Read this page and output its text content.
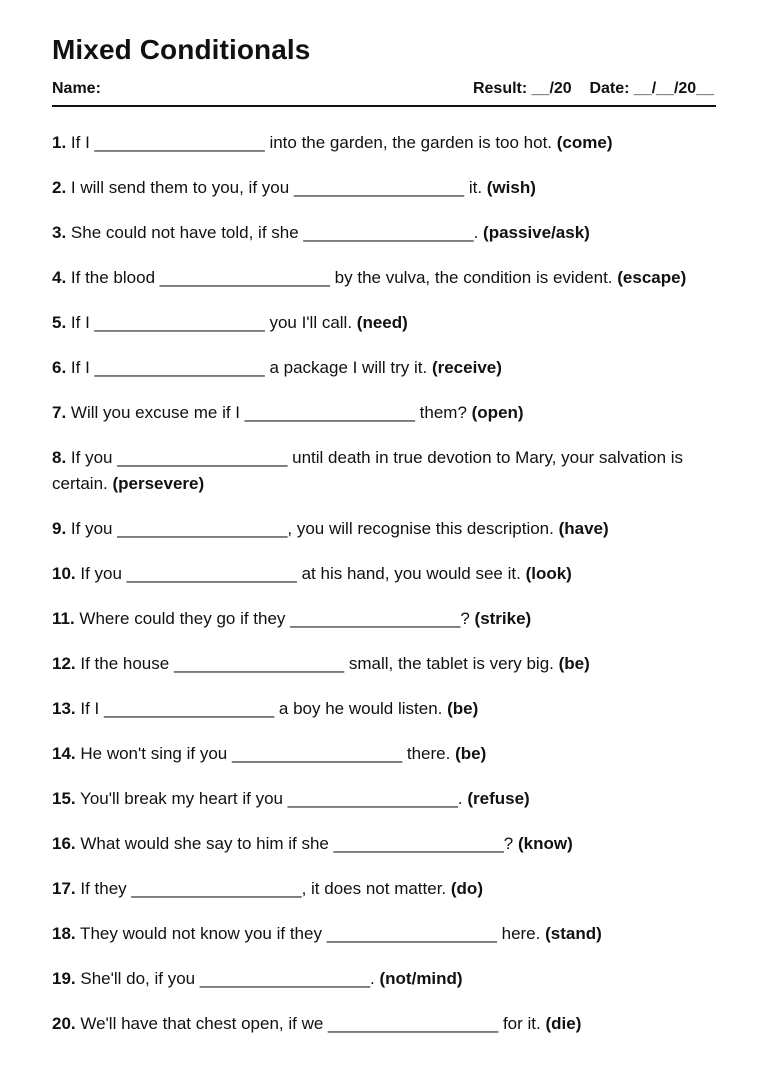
Mixed Conditionals
Name:	Result: __/20    Date: __/__/20__
1. If I __________________ into the garden, the garden is too hot. (come)
2. I will send them to you, if you __________________ it. (wish)
3. She could not have told, if she __________________. (passive/ask)
4. If the blood __________________ by the vulva, the condition is evident. (escape)
5. If I __________________ you I'll call. (need)
6. If I __________________ a package I will try it. (receive)
7. Will you excuse me if I __________________ them? (open)
8. If you __________________ until death in true devotion to Mary, your salvation is certain. (persevere)
9. If you __________________, you will recognise this description. (have)
10. If you __________________ at his hand, you would see it. (look)
11. Where could they go if they __________________? (strike)
12. If the house __________________ small, the tablet is very big. (be)
13. If I __________________ a boy he would listen. (be)
14. He won't sing if you __________________ there. (be)
15. You'll break my heart if you __________________. (refuse)
16. What would she say to him if she __________________? (know)
17. If they __________________, it does not matter. (do)
18. They would not know you if they __________________ here. (stand)
19. She'll do, if you __________________. (not/mind)
20. We'll have that chest open, if we __________________ for it. (die)
